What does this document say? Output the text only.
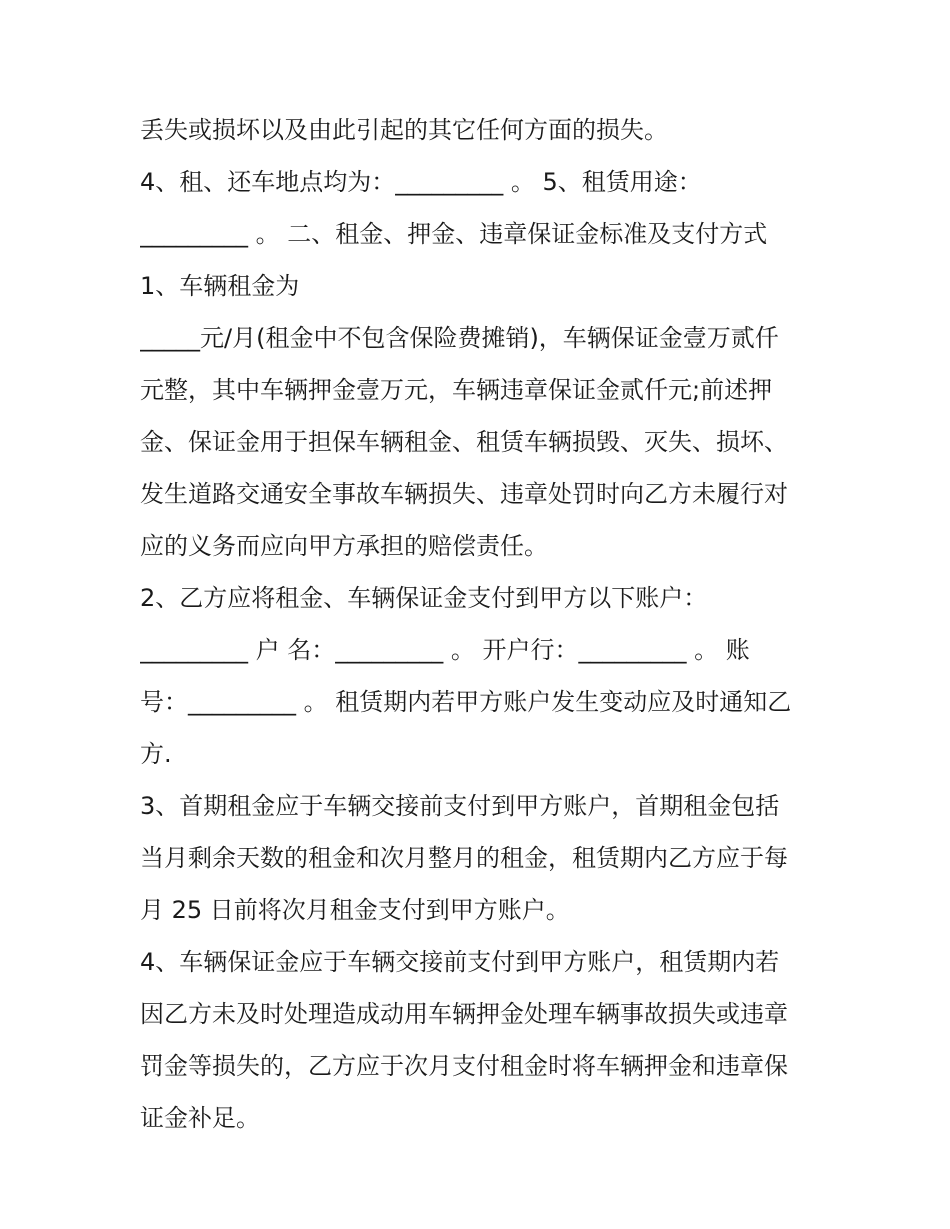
丢失或损坏以及由此引起的其它任何方面的损失。
4、租、还车地点均为：_________ 。 5、租赁用途：
_________ 。 二、租金、押金、违章保证金标准及支付方式
1、车辆租金为
_____元/月(租金中不包含保险费摊销)，车辆保证金壹万贰仟
元整，其中车辆押金壹万元，车辆违章保证金贰仟元;前述押
金、保证金用于担保车辆租金、租赁车辆损毁、灭失、损坏、
发生道路交通安全事故车辆损失、违章处罚时向乙方未履行对
应的义务而应向甲方承担的赔偿责任。
2、乙方应将租金、车辆保证金支付到甲方以下账户：
_________ 户 名：_________ 。 开户行：_________ 。 账
号：_________ 。 租赁期内若甲方账户发生变动应及时通知乙
方.
3、首期租金应于车辆交接前支付到甲方账户，首期租金包括
当月剩余天数的租金和次月整月的租金，租赁期内乙方应于每
月 25 日前将次月租金支付到甲方账户。
4、车辆保证金应于车辆交接前支付到甲方账户，租赁期内若
因乙方未及时处理造成动用车辆押金处理车辆事故损失或违章
罚金等损失的，乙方应于次月支付租金时将车辆押金和违章保
证金补足。
